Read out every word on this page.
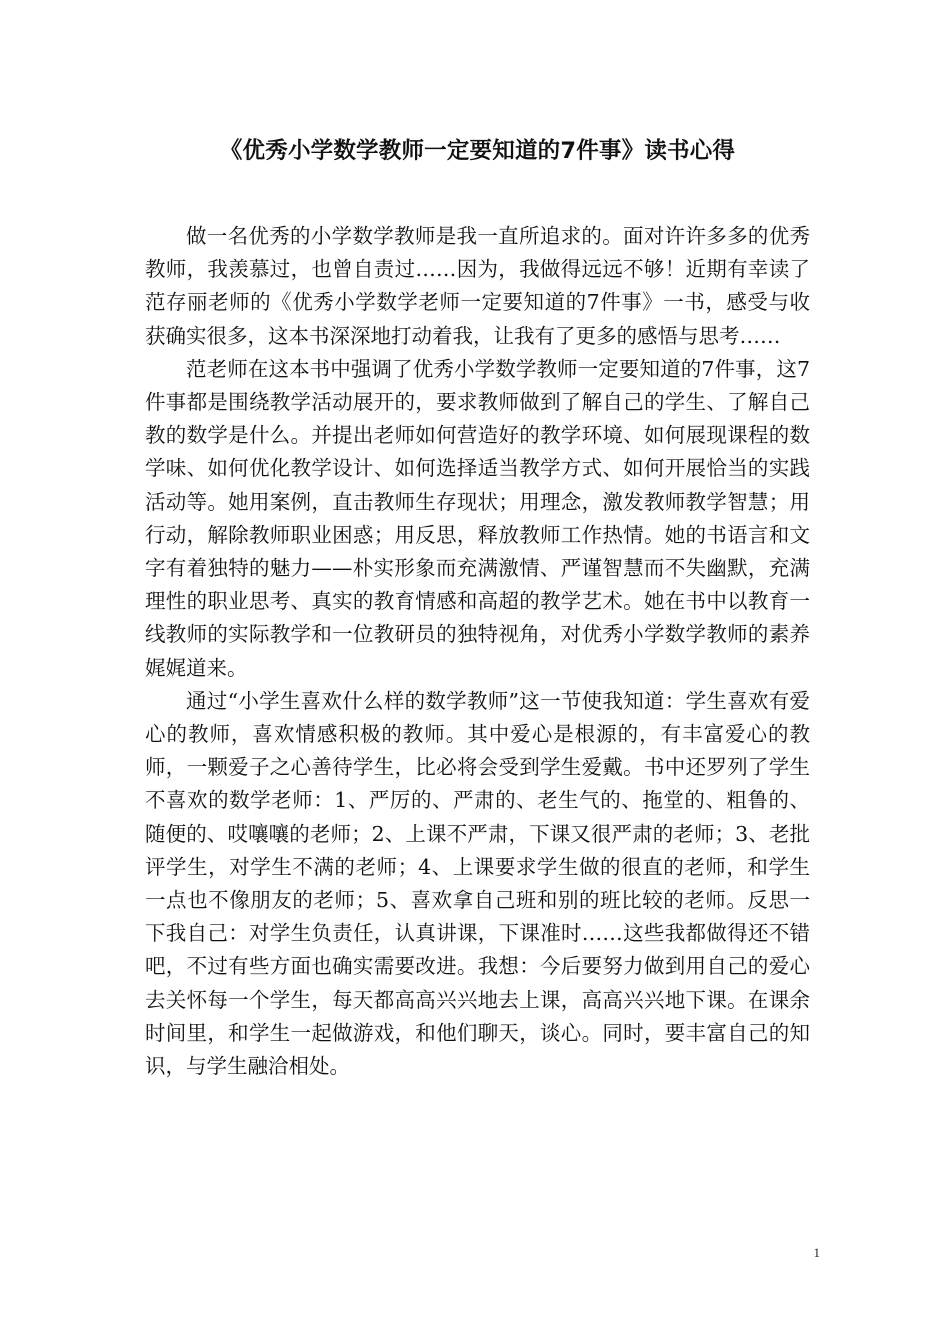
《优秀小学数学教师一定要知道的7件事》读书心得

做一名优秀的小学数学教师是我一直所追求的。面对许许多多的优秀教师，我羡慕过，也曾自责过……因为，我做得远远不够！近期有幸读了范存丽老师的《优秀小学数学老师一定要知道的7件事》一书，感受与收获确实很多，这本书深深地打动着我，让我有了更多的感悟与思考……

范老师在这本书中强调了优秀小学数学教师一定要知道的7件事，这7件事都是围绕教学活动展开的，要求教师做到了解自己的学生、了解自己教的数学是什么。并提出老师如何营造好的教学环境、如何展现课程的数学味、如何优化教学设计、如何选择适当教学方式、如何开展恰当的实践活动等。她用案例，直击教师生存现状；用理念，激发教师教学智慧；用行动，解除教师职业困惑；用反思，释放教师工作热情。她的书语言和文字有着独特的魅力——朴实形象而充满激情、严谨智慧而不失幽默，充满理性的职业思考、真实的教育情感和高超的教学艺术。她在书中以教育一线教师的实际教学和一位教研员的独特视角，对优秀小学数学教师的素养娓娓道来。

通过“小学生喜欢什么样的数学教师”这一节使我知道：学生喜欢有爱心的教师，喜欢情感积极的教师。其中爱心是根源的，有丰富爱心的教师，一颗爱子之心善待学生，比必将会受到学生爱戴。书中还罗列了学生不喜欢的数学老师：1、严厉的、严肃的、老生气的、拖堂的、粗鲁的、随便的、哎嚷嚷的老师；2、上课不严肃，下课又很严肃的老师；3、老批评学生，对学生不满的老师；4、上课要求学生做的很直的老师，和学生一点也不像朋友的老师；5、喜欢拿自己班和别的班比较的老师。反思一下我自己：对学生负责任，认真讲课，下课准时……这些我都做得还不错吧，不过有些方面也确实需要改进。我想：今后要努力做到用自己的爱心去关怀每一个学生，每天都高高兴兴地去上课，高高兴兴地下课。在课余时间里，和学生一起做游戏，和他们聊天，谈心。同时，要丰富自己的知识，与学生融洽相处。

1
